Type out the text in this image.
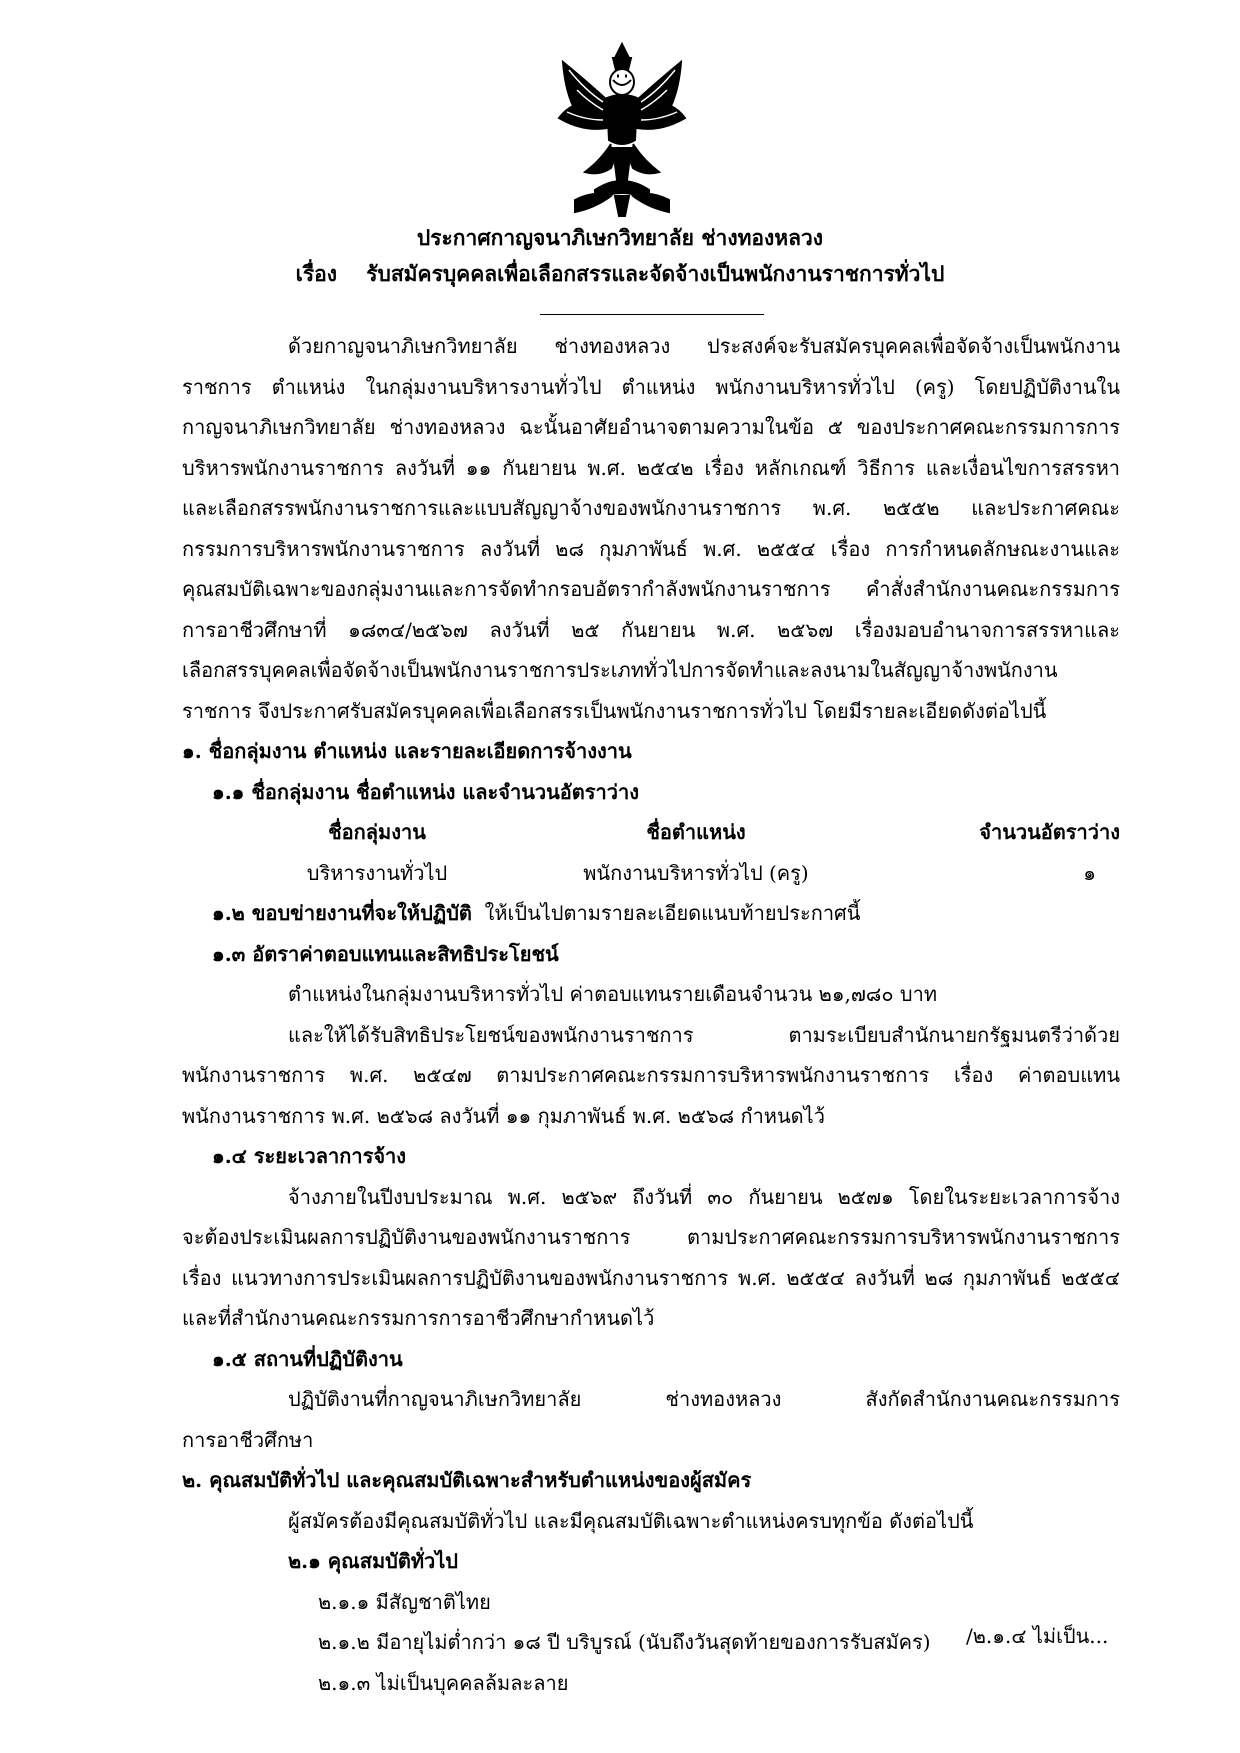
ประกาศกาญจนาภิเษกวิทยาลัย ช่างทองหลวง
เรื่อง รับสมัครบุคคลเพื่อเลือกสรรและจัดจ้างเป็นพนักงานราชการทั่วไป
ด้วยกาญจนาภิเษกวิทยาลัย ช่างทองหลวง ประสงค์จะรับสมัครบุคคลเพื่อจัดจ้างเป็นพนักงาน
ราชการ ตำแหน่ง ในกลุ่มงานบริหารงานทั่วไป ตำแหน่ง พนักงานบริหารทั่วไป (ครู) โดยปฏิบัติงานใน
กาญจนาภิเษกวิทยาลัย ช่างทองหลวง ฉะนั้นอาศัยอำนาจตามความในข้อ ๕ ของประกาศคณะกรรมการการ
บริหารพนักงานราชการ ลงวันที่ ๑๑ กันยายน พ.ศ. ๒๕๔๒ เรื่อง หลักเกณฑ์ วิธีการ และเงื่อนไขการสรรหา
และเลือกสรรพนักงานราชการและแบบสัญญาจ้างของพนักงานราชการ พ.ศ. ๒๕๕๒ และประกาศคณะ
กรรมการบริหารพนักงานราชการ ลงวันที่ ๒๘ กุมภาพันธ์ พ.ศ. ๒๕๕๔ เรื่อง การกำหนดลักษณะงานและ
คุณสมบัติเฉพาะของกลุ่มงานและการจัดทำกรอบอัตรากำลังพนักงานราชการ คำสั่งสำนักงานคณะกรรมการ
การอาชีวศึกษาที่ ๑๘๓๔/๒๕๖๗ ลงวันที่ ๒๕ กันยายน พ.ศ. ๒๕๖๗ เรื่องมอบอำนาจการสรรหาและ
เลือกสรรบุคคลเพื่อจัดจ้างเป็นพนักงานราชการประเภททั่วไปการจัดทำและลงนามในสัญญาจ้างพนักงาน
ราชการ จึงประกาศรับสมัครบุคคลเพื่อเลือกสรรเป็นพนักงานราชการทั่วไป โดยมีรายละเอียดดังต่อไปนี้
๑. ชื่อกลุ่มงาน ตำแหน่ง และรายละเอียดการจ้างงาน
๑.๑ ชื่อกลุ่มงาน ชื่อตำแหน่ง และจำนวนอัตราว่าง
ชื่อกลุ่มงาน	ชื่อตำแหน่ง	จำนวนอัตราว่าง
บริหารงานทั่วไป	พนักงานบริหารทั่วไป (ครู)	๑
๑.๒ ขอบข่ายงานที่จะให้ปฏิบัติ ให้เป็นไปตามรายละเอียดแนบท้ายประกาศนี้
๑.๓ อัตราค่าตอบแทนและสิทธิประโยชน์
ตำแหน่งในกลุ่มงานบริหารทั่วไป ค่าตอบแทนรายเดือนจำนวน ๒๑,๗๘๐ บาท
และให้ได้รับสิทธิประโยชน์ของพนักงานราชการ ตามระเบียบสำนักนายกรัฐมนตรีว่าด้วย
พนักงานราชการ พ.ศ. ๒๕๔๗ ตามประกาศคณะกรรมการบริหารพนักงานราชการ เรื่อง ค่าตอบแทน
พนักงานราชการ พ.ศ. ๒๕๖๘ ลงวันที่ ๑๑ กุมภาพันธ์ พ.ศ. ๒๕๖๘ กำหนดไว้
๑.๔ ระยะเวลาการจ้าง
จ้างภายในปีงบประมาณ พ.ศ. ๒๕๖๙ ถึงวันที่ ๓๐ กันยายน ๒๕๗๑ โดยในระยะเวลาการจ้าง
จะต้องประเมินผลการปฏิบัติงานของพนักงานราชการ ตามประกาศคณะกรรมการบริหารพนักงานราชการ
เรื่อง แนวทางการประเมินผลการปฏิบัติงานของพนักงานราชการ พ.ศ. ๒๕๕๔ ลงวันที่ ๒๘ กุมภาพันธ์ ๒๕๕๔
และที่สำนักงานคณะกรรมการการอาชีวศึกษากำหนดไว้
๑.๕ สถานที่ปฏิบัติงาน
ปฏิบัติงานที่กาญจนาภิเษกวิทยาลัย ช่างทองหลวง สังกัดสำนักงานคณะกรรมการ
การอาชีวศึกษา
๒. คุณสมบัติทั่วไป และคุณสมบัติเฉพาะสำหรับตำแหน่งของผู้สมัคร
ผู้สมัครต้องมีคุณสมบัติทั่วไป และมีคุณสมบัติเฉพาะตำแหน่งครบทุกข้อ ดังต่อไปนี้
๒.๑ คุณสมบัติทั่วไป
๒.๑.๑ มีสัญชาติไทย
๒.๑.๒ มีอายุไม่ต่ำกว่า ๑๘ ปี บริบูรณ์ (นับถึงวันสุดท้ายของการรับสมัคร)
๒.๑.๓ ไม่เป็นบุคคลล้มละลาย
/๒.๑.๔ ไม่เป็น...
